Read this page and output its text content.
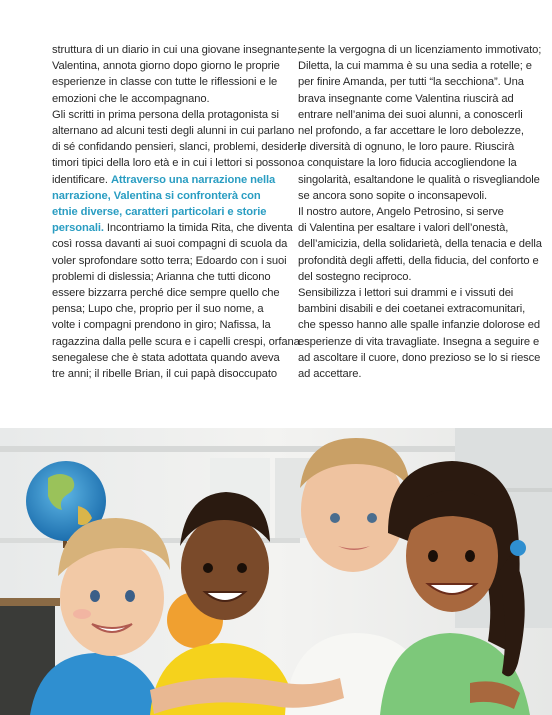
struttura di un diario in cui una giovane insegnante,
Valentina, annota giorno dopo giorno le proprie
esperienze in classe con tutte le riflessioni e le
emozioni che le accompagnano.
Gli scritti in prima persona della protagonista si
alternano ad alcuni testi degli alunni in cui parlano
di sé confidando pensieri, slanci, problemi, desideri,
timori tipici della loro età e in cui i lettori si possono
identificare. Attraverso una narrazione nella
narrazione, Valentina si confronterà con
etnie diverse, caratteri particolari e storie
personali. Incontriamo la timida Rita, che diventa
così rossa davanti ai suoi compagni di scuola da
voler sprofondare sotto terra; Edoardo con i suoi
problemi di dislessia; Arianna che tutti dicono
essere bizzarra perché dice sempre quello che
pensa; Lupo che, proprio per il suo nome, a
volte i compagni prendono in giro; Nafissa, la
ragazzina dalla pelle scura e i capelli crespi, orfana
senegalese che è stata adottata quando aveva
tre anni; il ribelle Brian, il cui papà disoccupato
sente la vergogna di un licenziamento immotivato;
Diletta, la cui mamma è su una sedia a rotelle; e
per finire Amanda, per tutti “la secchiona”. Una
brava insegnante come Valentina riuscirà ad
entrare nell’anima dei suoi alunni, a conoscerli
nel profondo, a far accettare le loro debolezze,
le diversità di ognuno, le loro paure. Riuscirà
a conquistare la loro fiducia accogliendone la
singolarità, esaltandone le qualità o risvegliandole
se ancora sono sopite o inconsapevoli.
Il nostro autore, Angelo Petrosino, si serve
di Valentina per esaltare i valori dell’onestà,
dell’amicizia, della solidarietà, della tenacia e della
profondità degli affetti, della fiducia, del conforto e
del sostegno reciproco.
Sensibilizza i lettori sui drammi e i vissuti dei
bambini disabili e dei coetanei extracomunitari,
che spesso hanno alle spalle infanzie dolorose ed
esperienze di vita travagliate. Insegna a seguire e
ad ascoltare il cuore, dono prezioso se lo si riesce
ad accettare.
